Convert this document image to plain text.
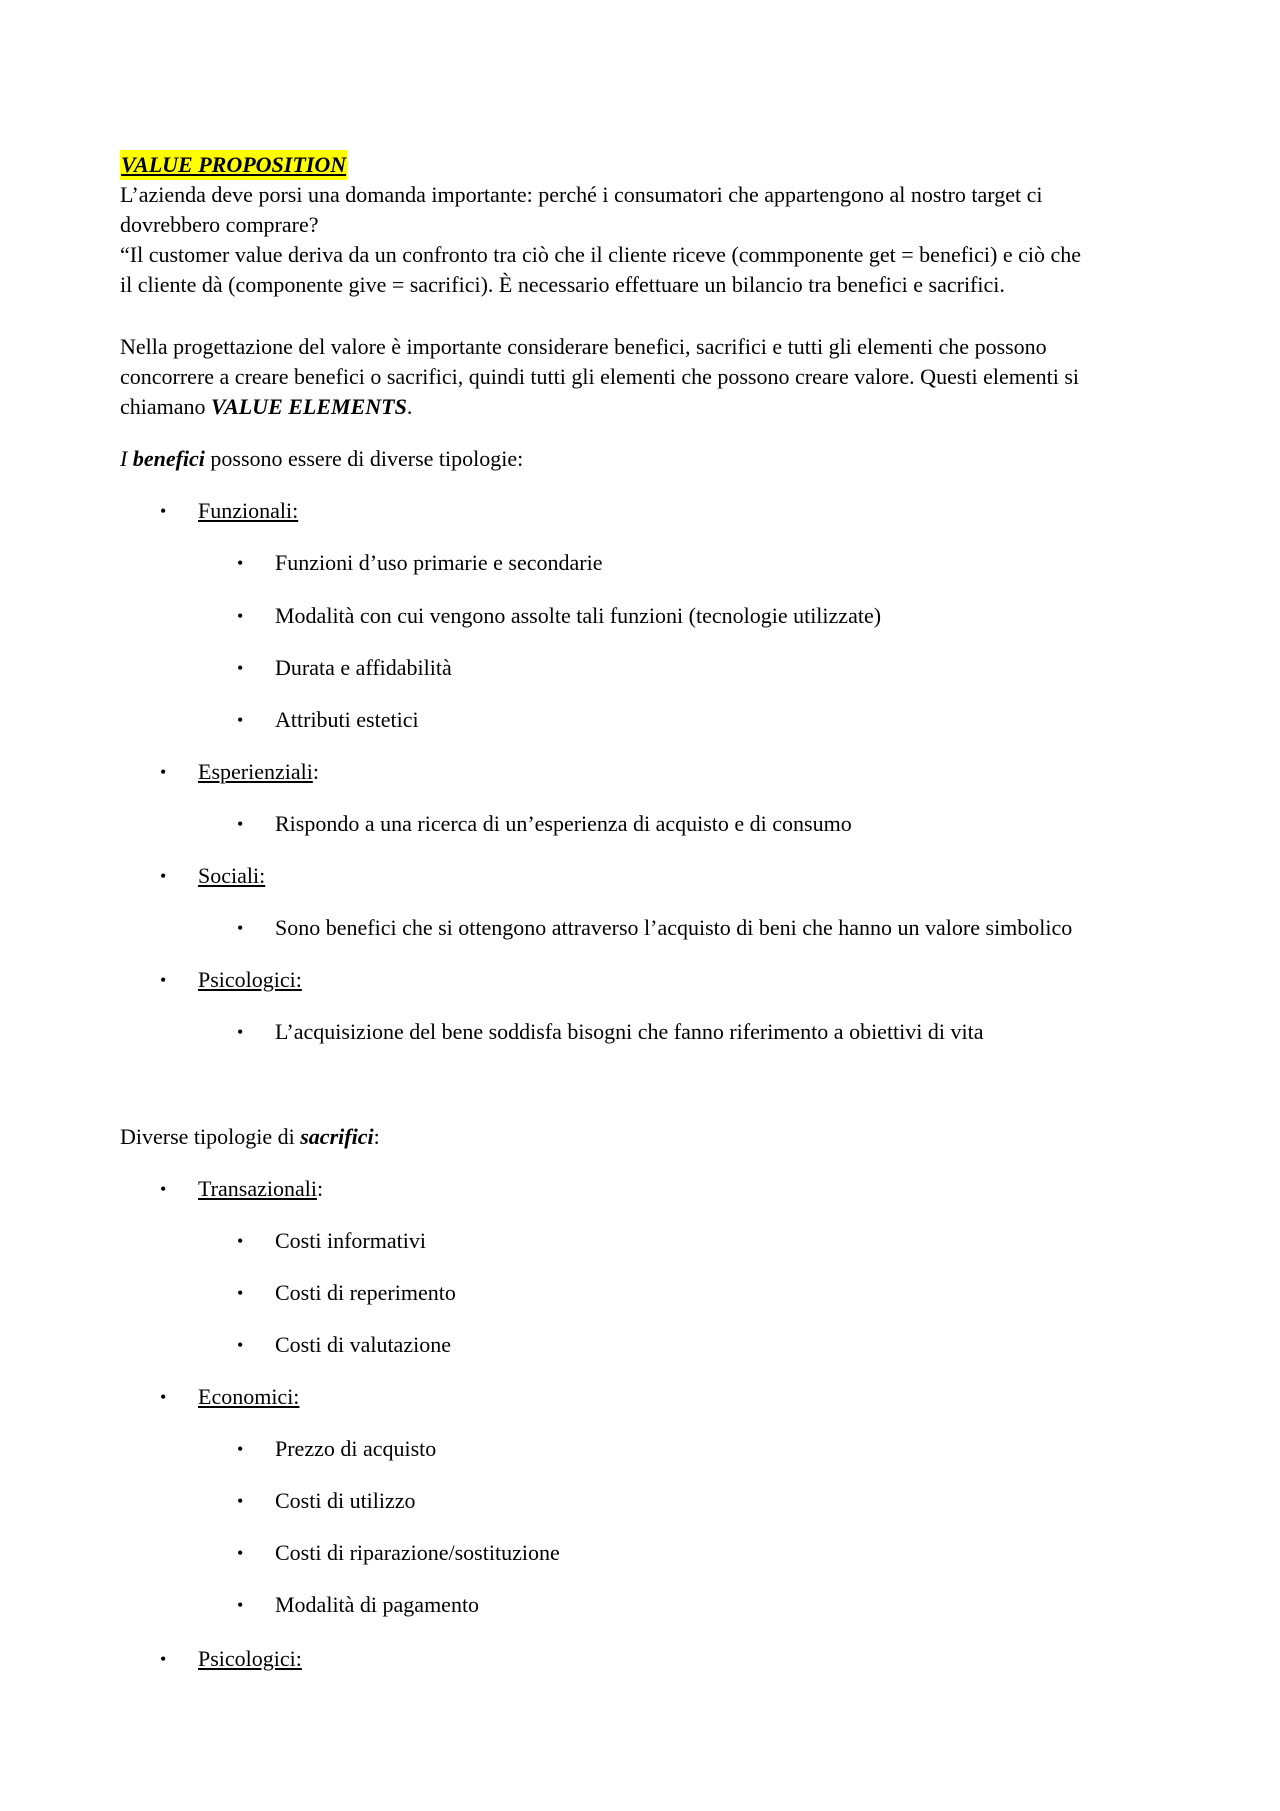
VALUE PROPOSITION
L’azienda deve porsi una domanda importante: perché i consumatori che appartengono al nostro target ci
dovrebbero comprare?
“Il customer value deriva da un confronto tra ciò che il cliente riceve (commponente get = benefici) e ciò che
il cliente dà (componente give = sacrifici). È necessario effettuare un bilancio tra benefici e sacrifici.
Nella progettazione del valore è importante considerare benefici, sacrifici e tutti gli elementi che possono
concorrere a creare benefici o sacrifici, quindi tutti gli elementi che possono creare valore. Questi elementi si
chiamano VALUE ELEMENTS.
I benefici possono essere di diverse tipologie:
• Funzionali:
• Funzioni d’uso primarie e secondarie
• Modalità con cui vengono assolte tali funzioni (tecnologie utilizzate)
• Durata e affidabilità
• Attributi estetici
• Esperienziali:
• Rispondo a una ricerca di un’esperienza di acquisto e di consumo
• Sociali:
• Sono benefici che si ottengono attraverso l’acquisto di beni che hanno un valore simbolico
• Psicologici:
• L’acquisizione del bene soddisfa bisogni che fanno riferimento a obiettivi di vita
Diverse tipologie di sacrifici:
• Transazionali:
• Costi informativi
• Costi di reperimento
• Costi di valutazione
• Economici:
• Prezzo di acquisto
• Costi di utilizzo
• Costi di riparazione/sostituzione
• Modalità di pagamento
• Psicologici:
